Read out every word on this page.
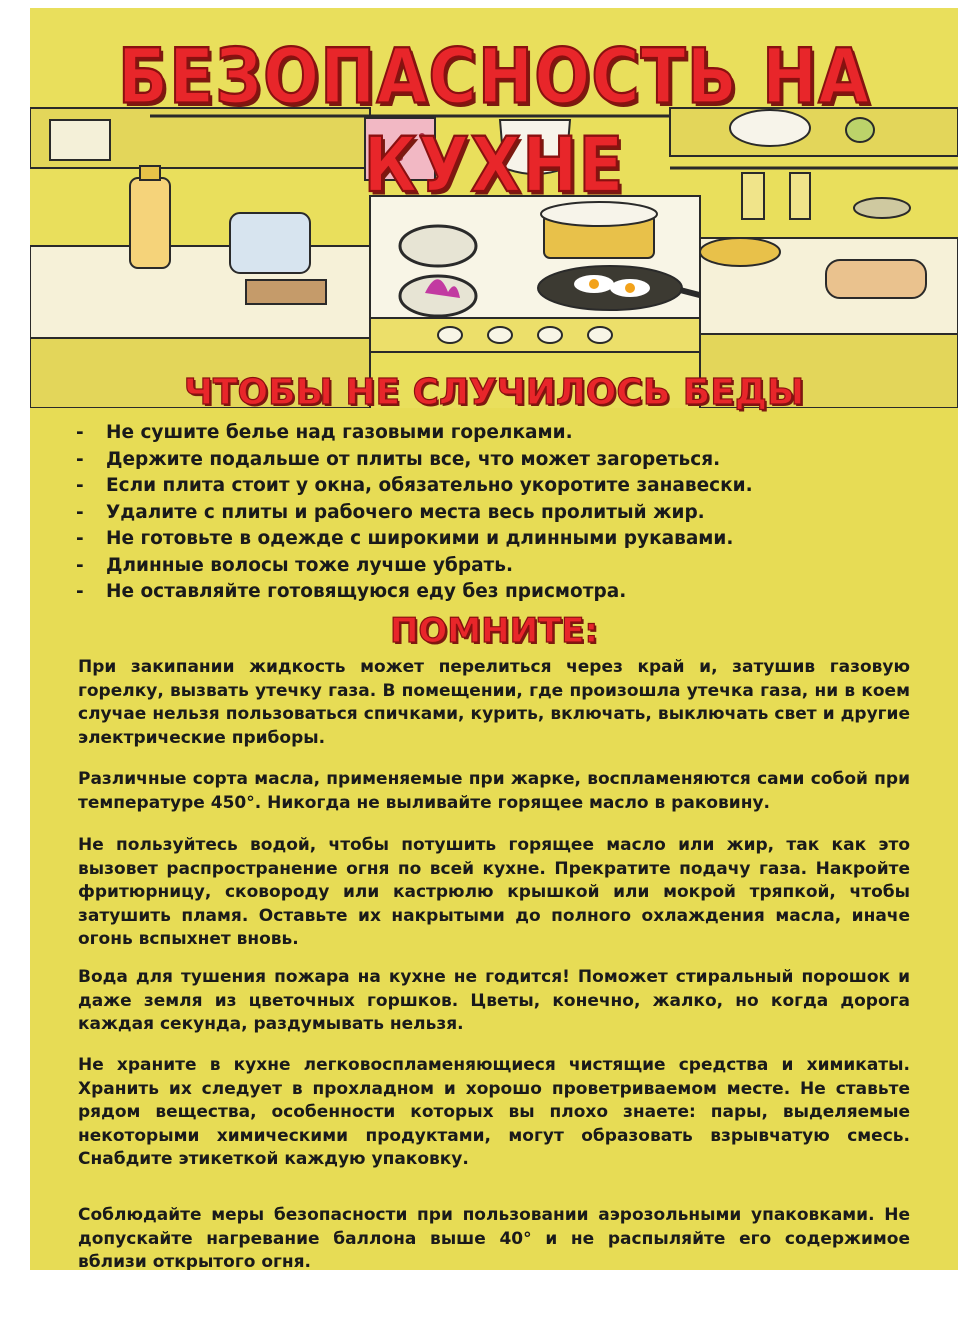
БЕЗОПАСНОСТЬ НА КУХНЕ
ЧТОБЫ НЕ СЛУЧИЛОСЬ БЕДЫ
- Не сушите белье над газовыми горелками.
- Держите подальше от плиты все, что может загореться.
- Если плита стоит у окна, обязательно укоротите занавески.
- Удалите с плиты и рабочего места весь пролитый жир.
- Не готовьте в одежде с широкими и длинными рукавами.
- Длинные волосы тоже лучше убрать.
- Не оставляйте готовящуюся еду без присмотра.
ПОМНИТЕ:

При закипании жидкость может перелиться через край и, затушив газовую горелку, вызвать утечку газа. В помещении, где произошла утечка газа, ни в коем случае нельзя пользоваться спичками, курить, включать, выключать свет и другие электрические приборы.

Различные сорта масла, применяемые при жарке, воспламеняются сами собой при температуре 450°. Никогда не выливайте горящее масло в раковину.

Не пользуйтесь водой, чтобы потушить горящее масло или жир, так как это вызовет распространение огня по всей кухне. Прекратите подачу газа. Накройте фритюрницу, сковороду или кастрюлю крышкой или мокрой тряпкой, чтобы затушить пламя. Оставьте их накрытыми до полного охлаждения масла, иначе огонь вспыхнет вновь.

Вода для тушения пожара на кухне не годится! Поможет стиральный порошок и даже земля из цветочных горшков. Цветы, конечно, жалко, но когда дорога каждая секунда, раздумывать нельзя.

Не храните в кухне легковоспламеняющиеся чистящие средства и химикаты. Хранить их следует в прохладном и хорошо проветриваемом месте. Не ставьте рядом вещества, особенности которых вы плохо знаете: пары, выделяемые некоторыми химическими продуктами, могут образовать взрывчатую смесь. Снабдите этикеткой каждую упаковку.

Соблюдайте меры безопасности при пользовании аэрозольными упаковками. Не допускайте нагревание баллона выше 40° и не распыляйте его содержимое вблизи открытого огня.
